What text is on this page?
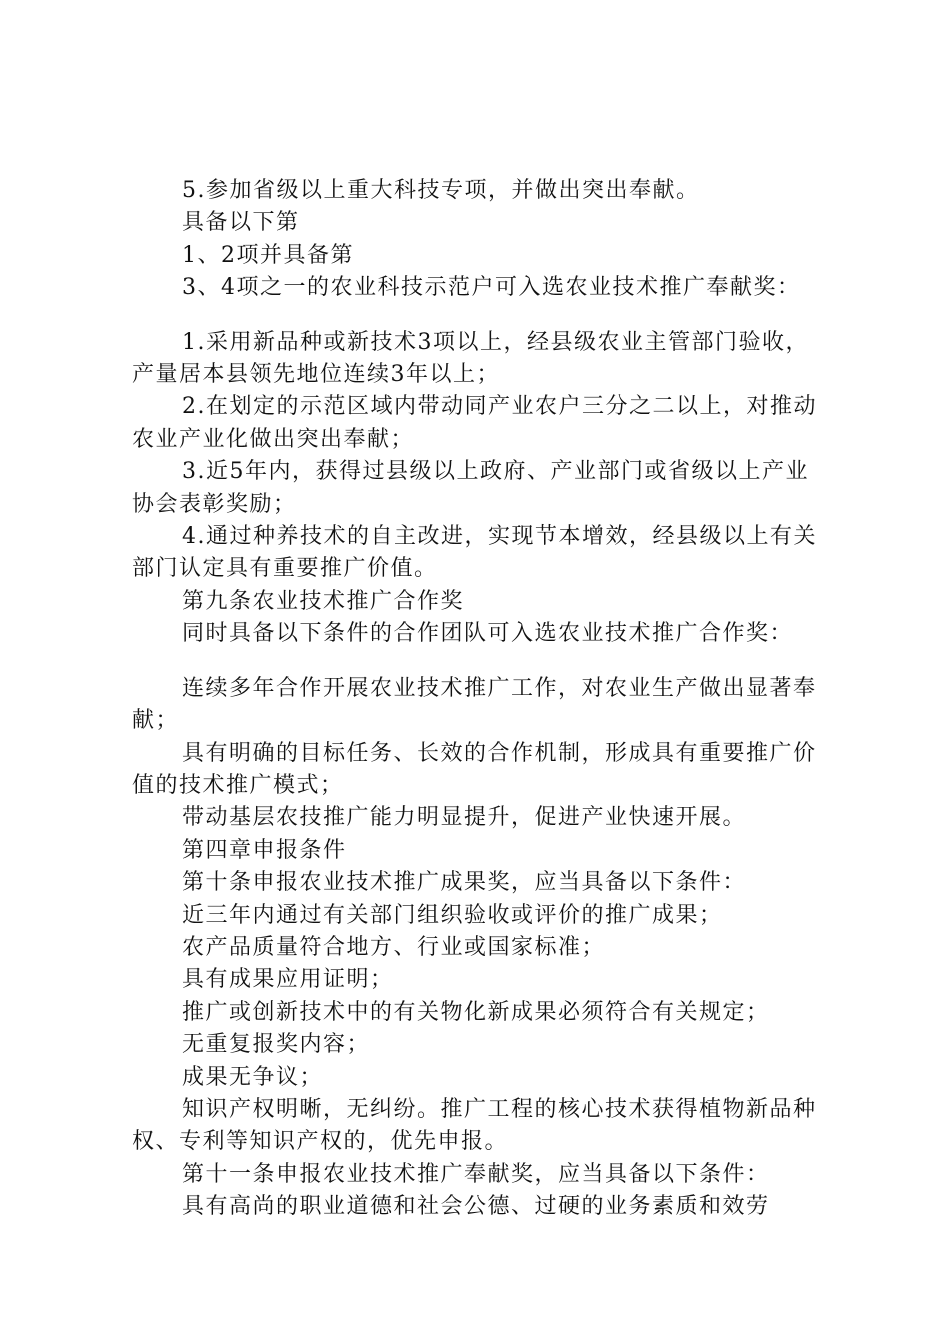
5.参加省级以上重大科技专项，并做出突出奉献。

具备以下第

1、2项并具备第

3、4项之一的农业科技示范户可入选农业技术推广奉献奖：

1.采用新品种或新技术3项以上，经县级农业主管部门验收，产量居本县领先地位连续3年以上；

2.在划定的示范区域内带动同产业农户三分之二以上，对推动农业产业化做出突出奉献；

3.近5年内，获得过县级以上政府、产业部门或省级以上产业协会表彰奖励；

4.通过种养技术的自主改进，实现节本增效，经县级以上有关部门认定具有重要推广价值。

第九条农业技术推广合作奖

同时具备以下条件的合作团队可入选农业技术推广合作奖：

连续多年合作开展农业技术推广工作，对农业生产做出显著奉献；

具有明确的目标任务、长效的合作机制，形成具有重要推广价值的技术推广模式；

带动基层农技推广能力明显提升，促进产业快速开展。

第四章申报条件

第十条申报农业技术推广成果奖，应当具备以下条件：

近三年内通过有关部门组织验收或评价的推广成果；

农产品质量符合地方、行业或国家标准；

具有成果应用证明；

推广或创新技术中的有关物化新成果必须符合有关规定；

无重复报奖内容；

成果无争议；

知识产权明晰，无纠纷。推广工程的核心技术获得植物新品种权、专利等知识产权的，优先申报。

第十一条申报农业技术推广奉献奖，应当具备以下条件：

具有高尚的职业道德和社会公德、过硬的业务素质和效劳
